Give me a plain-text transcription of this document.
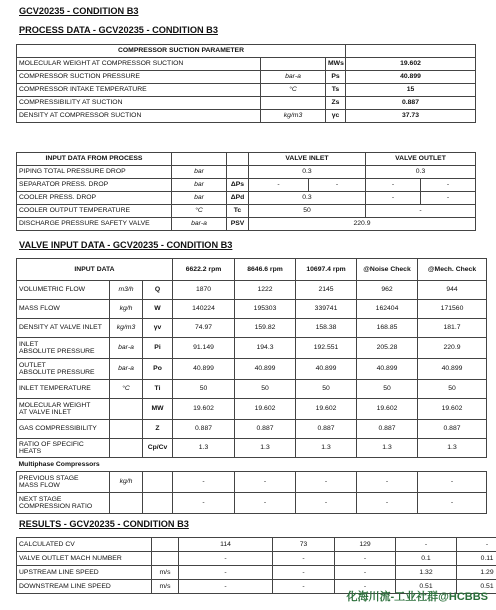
GCV20235 - CONDITION B3
PROCESS DATA - GCV20235 - CONDITION B3
COMPRESSOR SUCTION PARAMETER			
MOLECULAR WEIGHT AT COMPRESSOR SUCTION		MWs	19.602
COMPRESSOR SUCTION PRESSURE	bar-a	Ps	40.899
COMPRESSOR INTAKE TEMPERATURE	°C	Ts	15
COMPRESSIBILITY AT SUCTION		Zs	0.887
DENSITY AT COMPRESSOR SUCTION	kg/m3	γc	37.73
INPUT DATA FROM PROCESS			VALVE INLET		VALVE OUTLET	
PIPING TOTAL PRESSURE DROP	bar		0.3		0.3	
SEPARATOR PRESS. DROP	bar	ΔPs	-	-	-	-
COOLER PRESS. DROP	bar	ΔPd	0.3		-	-
COOLER OUTPUT TEMPERATURE	°C	Tc	50		-	
DISCHARGE PRESSURE SAFETY VALVE	bar-a	PSV	220.9			
VALVE INPUT DATA - GCV20235 - CONDITION B3
INPUT DATA			6622.2 rpm	8646.6 rpm	10697.4 rpm	@Noise Check	@Mech. Check
VOLUMETRIC FLOW	m3/h	Q	1870	1222	2145	962	944
MASS FLOW	kg/h	W	140224	195303	339741	162404	171560
DENSITY AT VALVE INLET	kg/m3	γv	74.97	159.82	158.38	168.85	181.7
INLET
ABSOLUTE PRESSURE	bar-a	Pi	91.149	194.3	192.551	205.28	220.9
OUTLET
ABSOLUTE PRESSURE	bar-a	Po	40.899	40.899	40.899	40.899	40.899
INLET TEMPERATURE	°C	Ti	50	50	50	50	50
MOLECULAR WEIGHT
AT VALVE INLET		MW	19.602	19.602	19.602	19.602	19.602
GAS COMPRESSIBILITY		Z	0.887	0.887	0.887	0.887	0.887
RATIO OF SPECIFIC HEATS		Cp/Cv	1.3	1.3	1.3	1.3	1.3
Multiphase Compressors							
PREVIOUS STAGE
MASS FLOW	kg/h		-	-	-	-	-
NEXT STAGE
COMPRESSION RATIO			-	-	-	-	-
RESULTS - GCV20235 - CONDITION B3
CALCULATED CV		114	73	129	-	-
VALVE OUTLET MACH NUMBER		-	-	-	0.1	0.11
UPSTREAM LINE SPEED	m/s	-	-	-	1.32	1.29
DOWNSTREAM LINE SPEED	m/s	-	-	-	0.51	0.51
化海川流-工业社群@HCBBS
